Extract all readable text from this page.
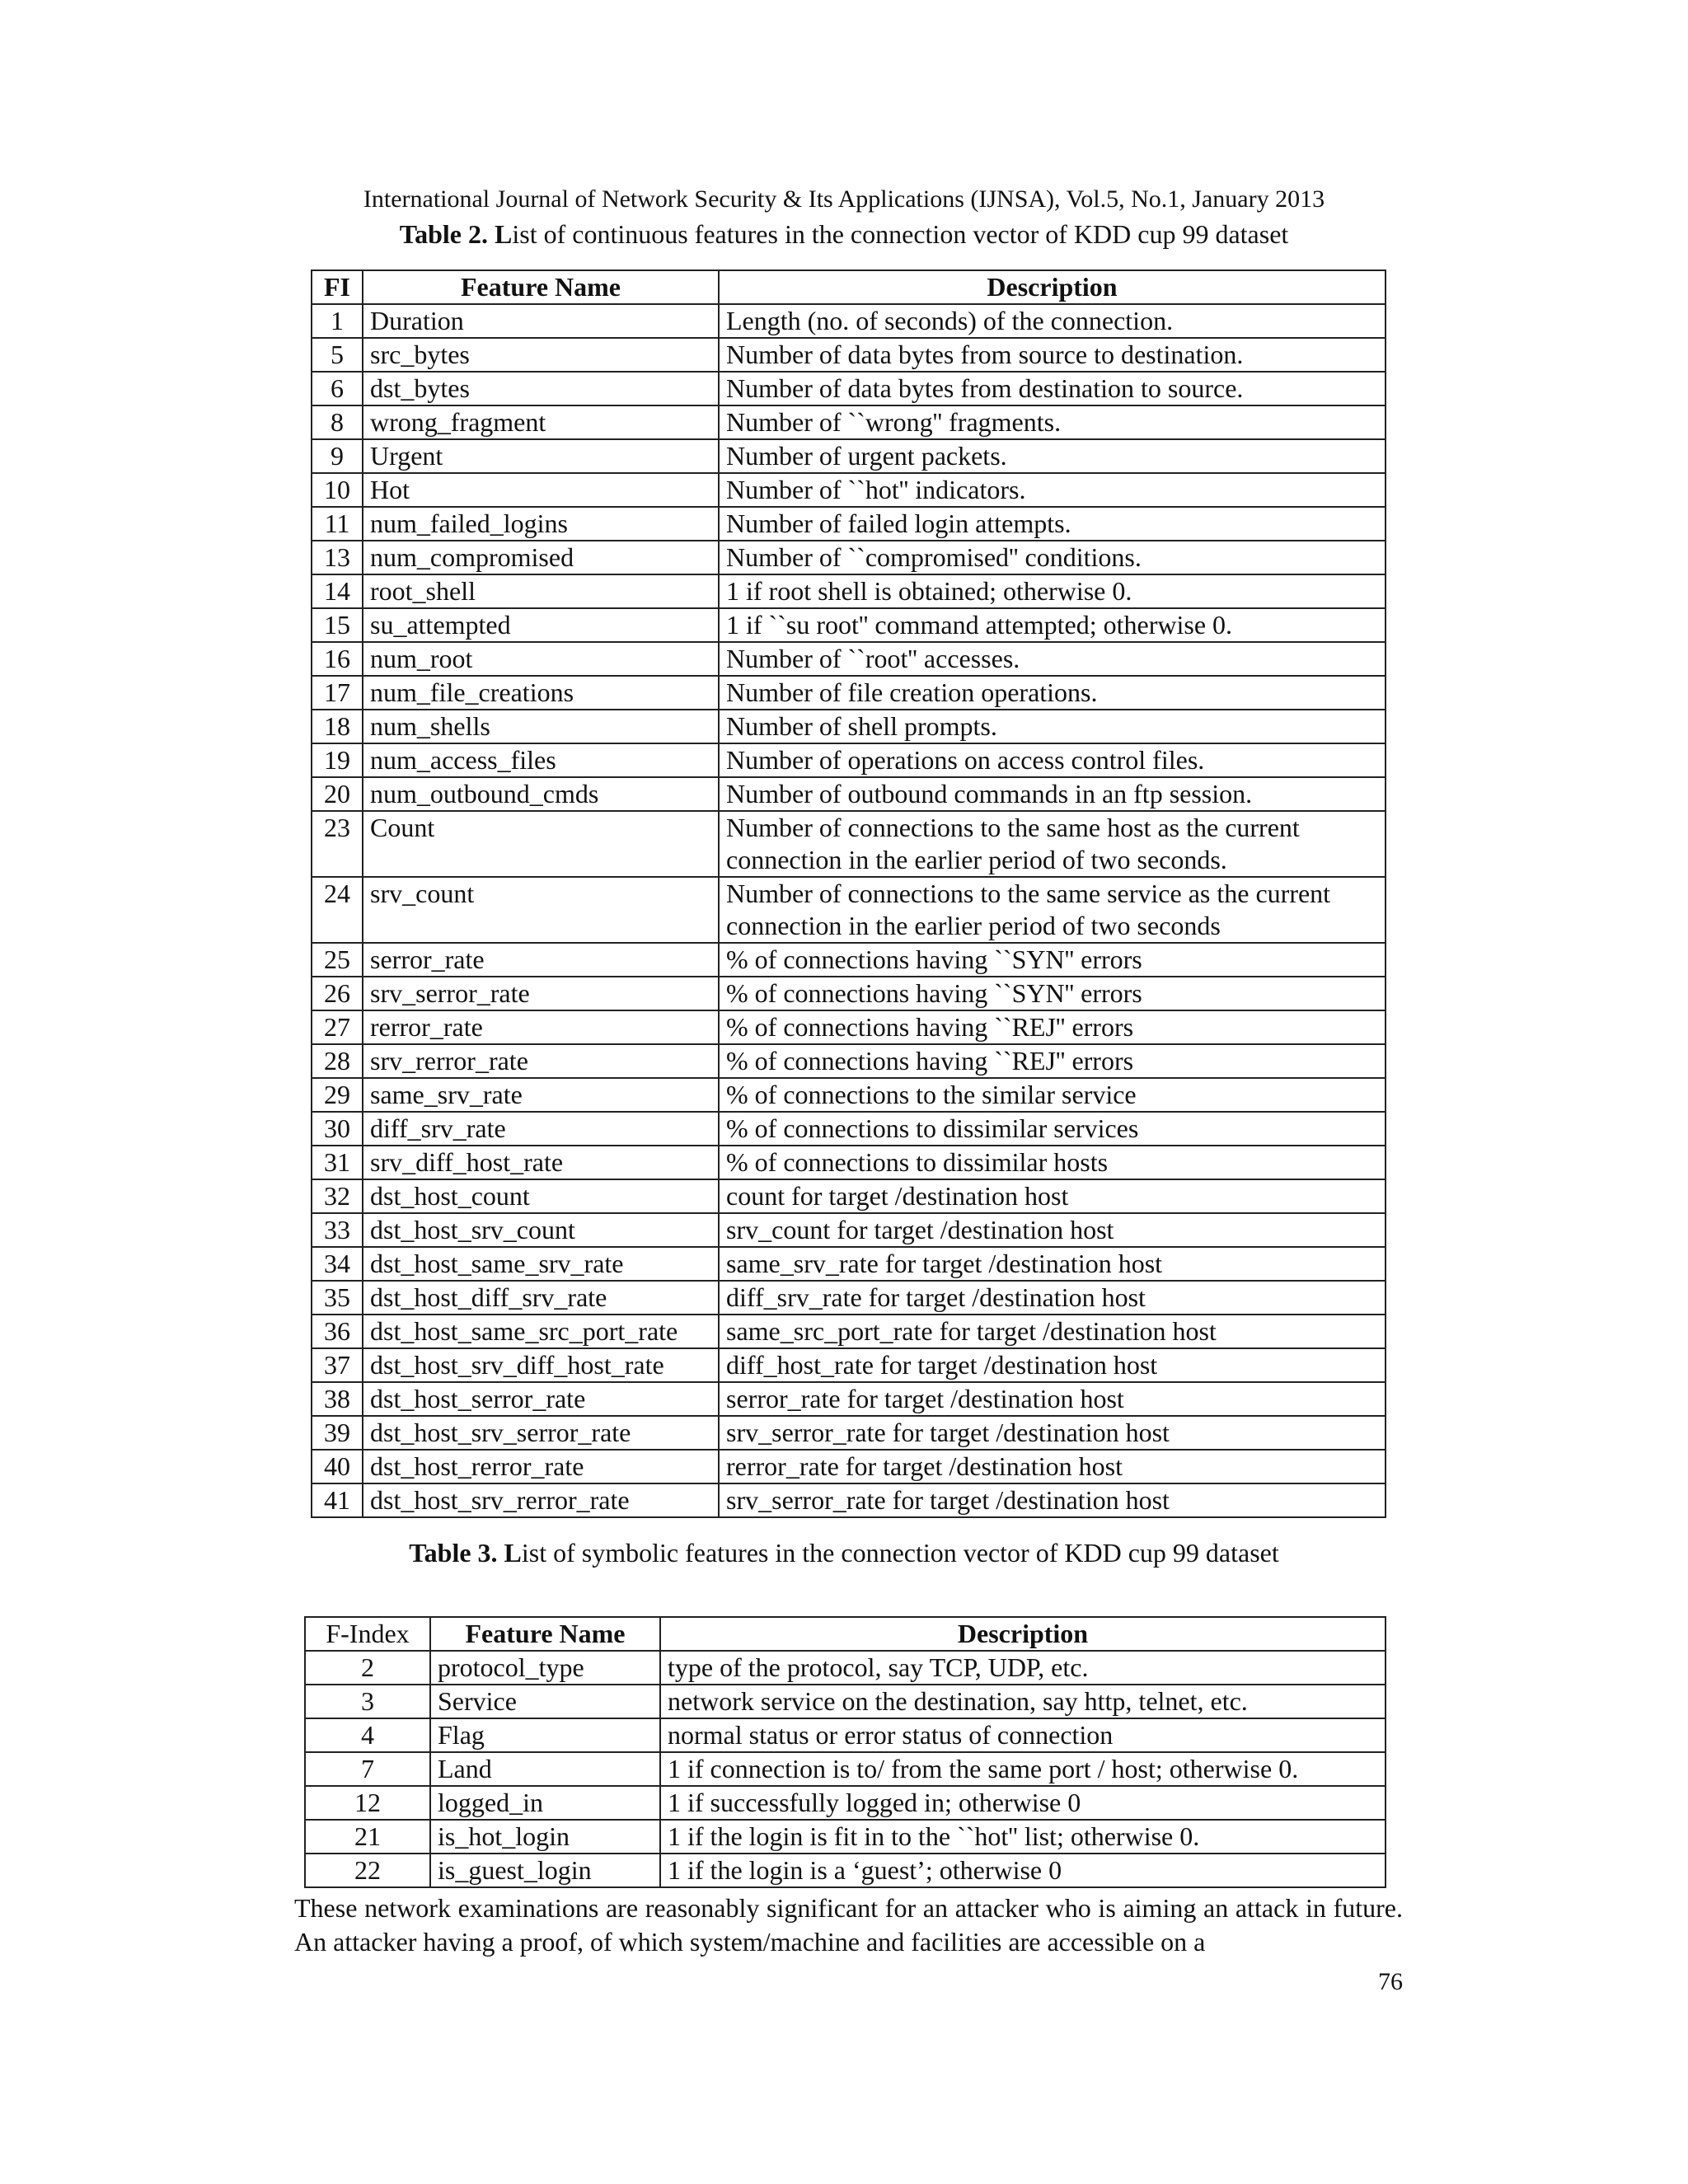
International Journal of Network Security & Its Applications (IJNSA), Vol.5, No.1, January 2013
Table 2. List of continuous features in the connection vector of KDD cup 99 dataset
FI	Feature Name	Description
1	Duration	Length (no. of seconds) of the connection.
5	src_bytes	Number of data bytes from source to destination.
6	dst_bytes	Number of data bytes from destination to source.
8	wrong_fragment	Number of ``wrong'' fragments.
9	Urgent	Number of urgent packets.
10	Hot	Number of ``hot'' indicators.
11	num_failed_logins	Number of failed login attempts.
13	num_compromised	Number of ``compromised'' conditions.
14	root_shell	1 if root shell is obtained; otherwise 0.
15	su_attempted	1 if ``su root'' command attempted; otherwise 0.
16	num_root	Number of ``root'' accesses.
17	num_file_creations	Number of file creation operations.
18	num_shells	Number of shell prompts.
19	num_access_files	Number of operations on access control files.
20	num_outbound_cmds	Number of outbound commands in an ftp session.
23	Count	Number of connections to the same host as the current connection in the earlier period of two seconds.
24	srv_count	Number of connections to the same service as the current connection in the earlier period of two seconds
25	serror_rate	% of connections having ``SYN'' errors
26	srv_serror_rate	% of connections having ``SYN'' errors
27	rerror_rate	% of connections having ``REJ'' errors
28	srv_rerror_rate	% of connections having ``REJ'' errors
29	same_srv_rate	% of connections to the similar service
30	diff_srv_rate	% of connections to dissimilar services
31	srv_diff_host_rate	% of connections to dissimilar hosts
32	dst_host_count	count for target /destination host
33	dst_host_srv_count	srv_count for target /destination host
34	dst_host_same_srv_rate	same_srv_rate for target /destination host
35	dst_host_diff_srv_rate	diff_srv_rate for target /destination host
36	dst_host_same_src_port_rate	same_src_port_rate for target /destination host
37	dst_host_srv_diff_host_rate	diff_host_rate for target /destination host
38	dst_host_serror_rate	serror_rate for target /destination host
39	dst_host_srv_serror_rate	srv_serror_rate for target /destination host
40	dst_host_rerror_rate	rerror_rate for target /destination host
41	dst_host_srv_rerror_rate	srv_serror_rate for target /destination host
Table 3. List of symbolic features in the connection vector of KDD cup 99 dataset
F-Index	Feature Name	Description
2	protocol_type	type of the protocol, say TCP, UDP, etc.
3	Service	network service on the destination, say http, telnet, etc.
4	Flag	normal status or error status of connection
7	Land	1 if connection is to/ from the same port / host; otherwise 0.
12	logged_in	1 if successfully logged in; otherwise 0
21	is_hot_login	1 if the login is fit in to the ``hot'' list; otherwise 0.
22	is_guest_login	1 if the login is a ‘guest’; otherwise 0
These network examinations are reasonably significant for an attacker who is aiming an attack in future. An attacker having a proof, of which system/machine and facilities are accessible on a
76
